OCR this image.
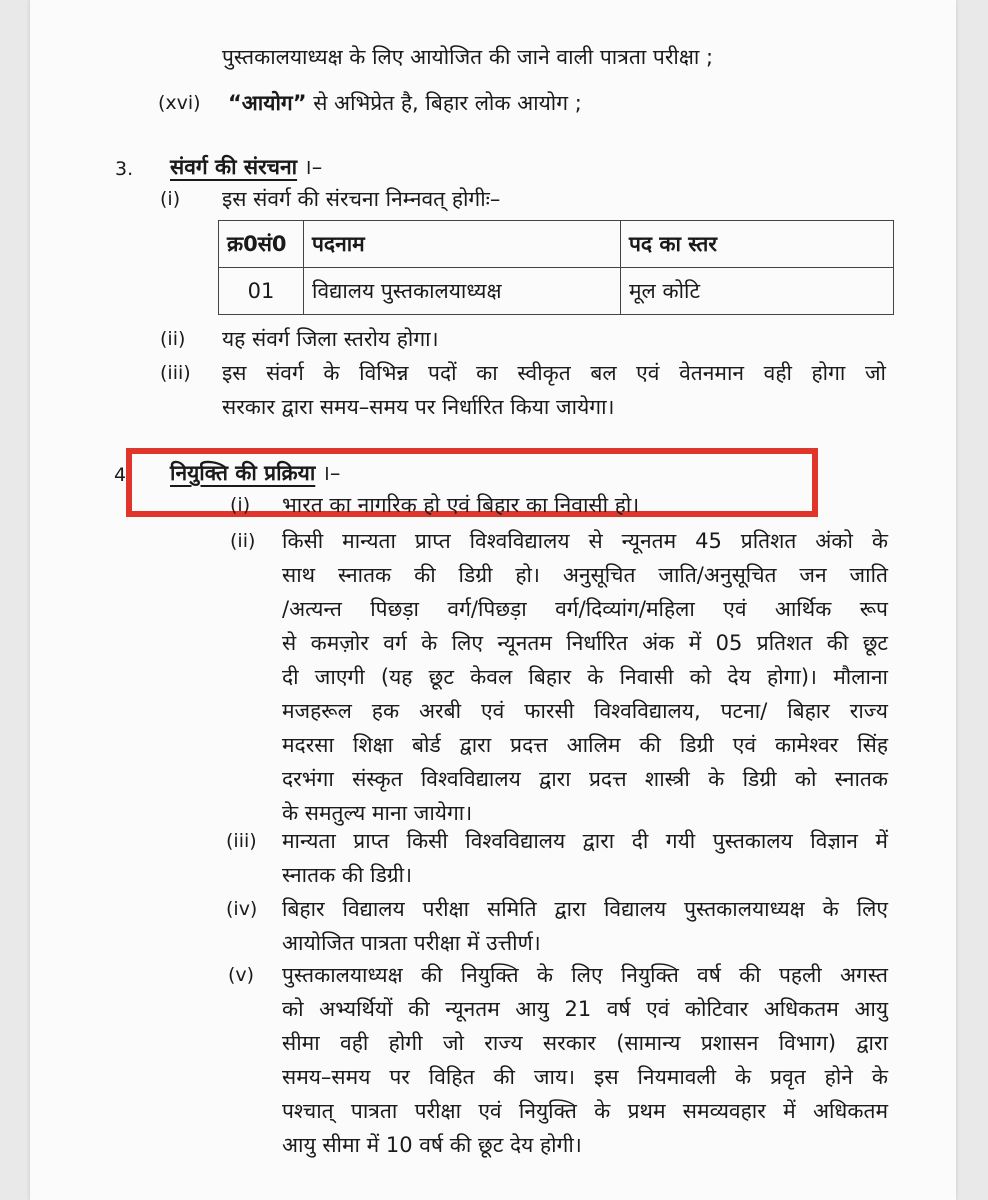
पुस्तकालयाध्यक्ष के लिए आयोजित की जाने वाली पात्रता परीक्षा ;
(xvi) “आयोग” से अभिप्रेत है, बिहार लोक आयोग ;
3. संवर्ग की संरचना ।–
(i) इस संवर्ग की संरचना निम्नवत् होगीः–
क्र0सं0	पदनाम	पद का स्तर
01	विद्यालय पुस्तकालयाध्यक्ष	मूल कोटि
(ii) यह संवर्ग जिला स्तरोय होगा।
(iii) इस संवर्ग के विभिन्न पदों का स्वीकृत बल एवं वेतनमान वही होगा जो
सरकार द्वारा समय–समय पर निर्धारित किया जायेगा।
4 नियुक्ति की प्रक्रिया ।–
(i) भारत का नागरिक हो एवं बिहार का निवासी हो।
(ii) किसी मान्यता प्राप्त विश्वविद्यालय से न्यूनतम 45 प्रतिशत अंको के
साथ स्नातक की डिग्री हो। अनुसूचित जाति/अनुसूचित जन जाति
/अत्यन्त पिछड़ा वर्ग/पिछड़ा वर्ग/दिव्यांग/महिला एवं आर्थिक रूप
से कमज़ोर वर्ग के लिए न्यूनतम निर्धारित अंक में 05 प्रतिशत की छूट
दी जाएगी (यह छूट केवल बिहार के निवासी को देय होगा)। मौलाना
मजहरूल हक अरबी एवं फारसी विश्वविद्यालय, पटना/ बिहार राज्य
मदरसा शिक्षा बोर्ड द्वारा प्रदत्त आलिम की डिग्री एवं कामेश्वर सिंह
दरभंगा संस्कृत विश्वविद्यालय द्वारा प्रदत्त शास्त्री के डिग्री को स्नातक
के समतुल्य माना जायेगा।
(iii) मान्यता प्राप्त किसी विश्वविद्यालय द्वारा दी गयी पुस्तकालय विज्ञान में
स्नातक की डिग्री।
(iv) बिहार विद्यालय परीक्षा समिति द्वारा विद्यालय पुस्तकालयाध्यक्ष के लिए
आयोजित पात्रता परीक्षा में उत्तीर्ण।
(v) पुस्तकालयाध्यक्ष की नियुक्ति के लिए नियुक्ति वर्ष की पहली अगस्त
को अभ्यर्थियों की न्यूनतम आयु 21 वर्ष एवं कोटिवार अधिकतम आयु
सीमा वही होगी जो राज्य सरकार (सामान्य प्रशासन विभाग) द्वारा
समय–समय पर विहित की जाय। इस नियमावली के प्रवृत होने के
पश्चात् पात्रता परीक्षा एवं नियुक्ति के प्रथम समव्यवहार में अधिकतम
आयु सीमा में 10 वर्ष की छूट देय होगी।
